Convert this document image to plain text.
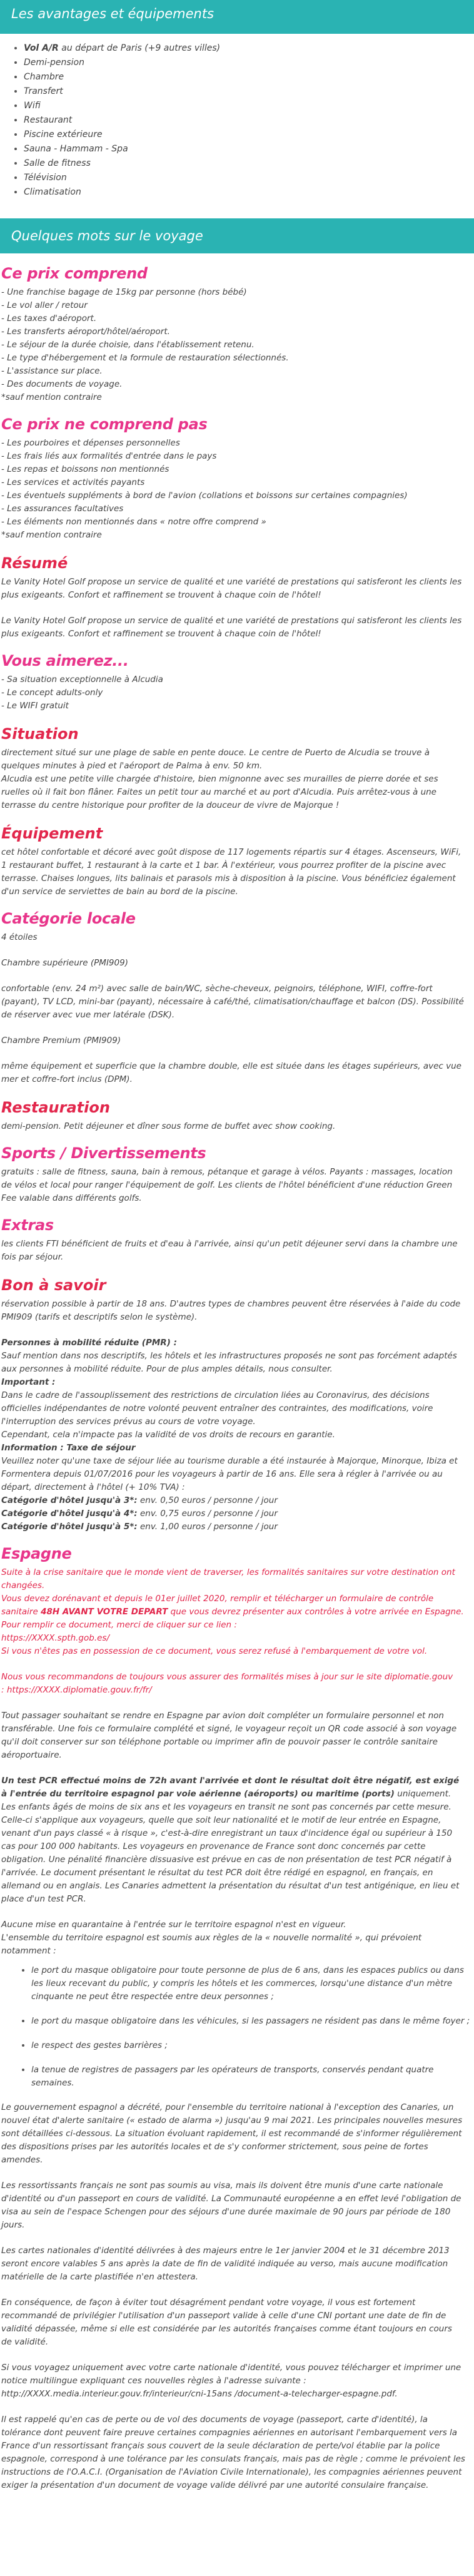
Les avantages et équipements
• Vol A/R au départ de Paris (+9 autres villes)
• Demi-pension
• Chambre
• Transfert
• Wifi
• Restaurant
• Piscine extérieure
• Sauna - Hammam - Spa
• Salle de fitness
• Télévision
• Climatisation
Quelques mots sur le voyage
Ce prix comprend
- Une franchise bagage de 15kg par personne (hors bébé)
- Le vol aller / retour
- Les taxes d'aéroport.
- Les transferts aéroport/hôtel/aéroport.
- Le séjour de la durée choisie, dans l'établissement retenu.
- Le type d'hébergement et la formule de restauration sélectionnés.
- L'assistance sur place.
- Des documents de voyage.
*sauf mention contraire
Ce prix ne comprend pas
- Les pourboires et dépenses personnelles
- Les frais liés aux formalités d'entrée dans le pays
- Les repas et boissons non mentionnés
- Les services et activités payants
- Les éventuels suppléments à bord de l'avion (collations et boissons sur certaines compagnies)
- Les assurances facultatives
- Les éléments non mentionnés dans « notre offre comprend »
*sauf mention contraire
Résumé

Le Vanity Hotel Golf propose un service de qualité et une variété de prestations qui satisferont les clients les plus exigeants. Confort et raffinement se trouvent à chaque coin de l'hôtel!

Le Vanity Hotel Golf propose un service de qualité et une variété de prestations qui satisferont les clients les plus exigeants. Confort et raffinement se trouvent à chaque coin de l'hôtel!

Vous aimerez...
- Sa situation exceptionnelle à Alcudia
- Le concept adults-only
- Le WIFI gratuit
Situation

directement situé sur une plage de sable en pente douce. Le centre de Puerto de Alcudia se trouve à quelques minutes à pied et l'aéroport de Palma à env. 50 km.

Alcudia est une petite ville chargée d'histoire, bien mignonne avec ses murailles de pierre dorée et ses ruelles où il fait bon flâner. Faites un petit tour au marché et au port d'Alcudia. Puis arrêtez-vous à une terrasse du centre historique pour profiter de la douceur de vivre de Majorque !

Équipement

cet hôtel confortable et décoré avec goût dispose de 117 logements répartis sur 4 étages. Ascenseurs, WiFi, 1 restaurant buffet, 1 restaurant à la carte et 1 bar. À l'extérieur, vous pourrez profiter de la piscine avec terrasse. Chaises longues, lits balinais et parasols mis à disposition à la piscine. Vous bénéficiez également d'un service de serviettes de bain au bord de la piscine.

Catégorie locale

4 étoiles

Chambre supérieure (PMI909)

confortable (env. 24 m²) avec salle de bain/WC, sèche-cheveux, peignoirs, téléphone, WIFI, coffre-fort (payant), TV LCD, mini-bar (payant), nécessaire à café/thé, climatisation/chauffage et balcon (DS). Possibilité de réserver avec vue mer latérale (DSK).

Chambre Premium (PMI909)

même équipement et superficie que la chambre double, elle est située dans les étages supérieurs, avec vue mer et coffre-fort inclus (DPM).

Restauration

demi-pension. Petit déjeuner et dîner sous forme de buffet avec show cooking.

Sports / Divertissements

gratuits : salle de fitness, sauna, bain à remous, pétanque et garage à vélos. Payants : massages, location de vélos et local pour ranger l'équipement de golf. Les clients de l'hôtel bénéficient d'une réduction Green Fee valable dans différents golfs.

Extras

les clients FTI bénéficient de fruits et d'eau à l'arrivée, ainsi qu'un petit déjeuner servi dans la chambre une fois par séjour.

Bon à savoir

réservation possible à partir de 18 ans. D'autres types de chambres peuvent être réservées à l'aide du code PMI909 (tarifs et descriptifs selon le système).

Personnes à mobilité réduite (PMR) :

Sauf mention dans nos descriptifs, les hôtels et les infrastructures proposés ne sont pas forcément adaptés aux personnes à mobilité réduite. Pour de plus amples détails, nous consulter.

Important :

Dans le cadre de l'assouplissement des restrictions de circulation liées au Coronavirus, des décisions officielles indépendantes de notre volonté peuvent entraîner des contraintes, des modifications, voire l'interruption des services prévus au cours de votre voyage.

Cependant, cela n'impacte pas la validité de vos droits de recours en garantie.

Information : Taxe de séjour

Veuillez noter qu'une taxe de séjour liée au tourisme durable a été instaurée à Majorque, Minorque, Ibiza et Formentera depuis 01/07/2016 pour les voyageurs à partir de 16 ans. Elle sera à régler à l'arrivée ou au départ, directement à l'hôtel (+ 10% TVA) :

Catégorie d'hôtel jusqu'à 3*: env. 0,50 euros / personne / jour

Catégorie d'hôtel jusqu'à 4*: env. 0,75 euros / personne / jour

Catégorie d'hôtel jusqu'à 5*: env. 1,00 euros / personne / jour

Espagne

Suite à la crise sanitaire que le monde vient de traverser, les formalités sanitaires sur votre destination ont changées.

Vous devez dorénavant et depuis le 01er juillet 2020, remplir et télécharger un formulaire de contrôle sanitaire 48H AVANT VOTRE DEPART que vous devrez présenter aux contrôles à votre arrivée en Espagne.

Pour remplir ce document, merci de cliquer sur ce lien :

https://XXXX.spth.gob.es/

Si vous n'êtes pas en possession de ce document, vous serez refusé à l'embarquement de votre vol.

Nous vous recommandons de toujours vous assurer des formalités mises à jour sur le site diplomatie.gouv

: https://XXXX.diplomatie.gouv.fr/fr/

Tout passager souhaitant se rendre en Espagne par avion doit compléter un formulaire personnel et non transférable. Une fois ce formulaire complété et signé, le voyageur reçoit un QR code associé à son voyage qu'il doit conserver sur son téléphone portable ou imprimer afin de pouvoir passer le contrôle sanitaire aéroportuaire.

Un test PCR effectué moins de 72h avant l'arrivée et dont le résultat doit être négatif, est exigé à l'entrée du territoire espagnol par voie aérienne (aéroports) ou maritime (ports) uniquement. Les enfants âgés de moins de six ans et les voyageurs en transit ne sont pas concernés par cette mesure. Celle-ci s'applique aux voyageurs, quelle que soit leur nationalité et le motif de leur entrée en Espagne, venant d'un pays classé « à risque », c'est-à-dire enregistrant un taux d'incidence égal ou supérieur à 150 cas pour 100 000 habitants. Les voyageurs en provenance de France sont donc concernés par cette obligation. Une pénalité financière dissuasive est prévue en cas de non présentation de test PCR négatif à l'arrivée. Le document présentant le résultat du test PCR doit être rédigé en espagnol, en français, en allemand ou en anglais. Les Canaries admettent la présentation du résultat d'un test antigénique, en lieu et place d'un test PCR.

Aucune mise en quarantaine à l'entrée sur le territoire espagnol n'est en vigueur.

L'ensemble du territoire espagnol est soumis aux règles de la « nouvelle normalité », qui prévoient notamment :

• le port du masque obligatoire pour toute personne de plus de 6 ans, dans les espaces publics ou dans les lieux recevant du public, y compris les hôtels et les commerces, lorsqu'une distance d'un mètre cinquante ne peut être respectée entre deux personnes ;
• le port du masque obligatoire dans les véhicules, si les passagers ne résident pas dans le même foyer ;
• le respect des gestes barrières ;
• la tenue de registres de passagers par les opérateurs de transports, conservés pendant quatre semaines.

Le gouvernement espagnol a décrété, pour l'ensemble du territoire national à l'exception des Canaries, un nouvel état d'alerte sanitaire (« estado de alarma ») jusqu'au 9 mai 2021. Les principales nouvelles mesures sont détaillées ci-dessous. La situation évoluant rapidement, il est recommandé de s'informer régulièrement des dispositions prises par les autorités locales et de s'y conformer strictement, sous peine de fortes amendes.

Les ressortissants français ne sont pas soumis au visa, mais ils doivent être munis d'une carte nationale d'identité ou d'un passeport en cours de validité. La Communauté européenne a en effet levé l'obligation de visa au sein de l'espace Schengen pour des séjours d'une durée maximale de 90 jours par période de 180 jours.

Les cartes nationales d'identité délivrées à des majeurs entre le 1er janvier 2004 et le 31 décembre 2013 seront encore valables 5 ans après la date de fin de validité indiquée au verso, mais aucune modification matérielle de la carte plastifiée n'en attestera.

En conséquence, de façon à éviter tout désagrément pendant votre voyage, il vous est fortement recommandé de privilégier l'utilisation d'un passeport valide à celle d'une CNI portant une date de fin de validité dépassée, même si elle est considérée par les autorités françaises comme étant toujours en cours de validité.

Si vous voyagez uniquement avec votre carte nationale d'identité, vous pouvez télécharger et imprimer une notice multilingue expliquant ces nouvelles règles à l'adresse suivante : http://XXXX.media.interieur.gouv.fr/interieur/cni-15ans /document-a-telecharger-espagne.pdf.

Il est rappelé qu'en cas de perte ou de vol des documents de voyage (passeport, carte d'identité), la tolérance dont peuvent faire preuve certaines compagnies aériennes en autorisant l'embarquement vers la France d'un ressortissant français sous couvert de la seule déclaration de perte/vol établie par la police espagnole, correspond à une tolérance par les consulats français, mais pas de règle ; comme le prévoient les instructions de l'O.A.C.I. (Organisation de l'Aviation Civile Internationale), les compagnies aériennes peuvent exiger la présentation d'un document de voyage valide délivré par une autorité consulaire française.
